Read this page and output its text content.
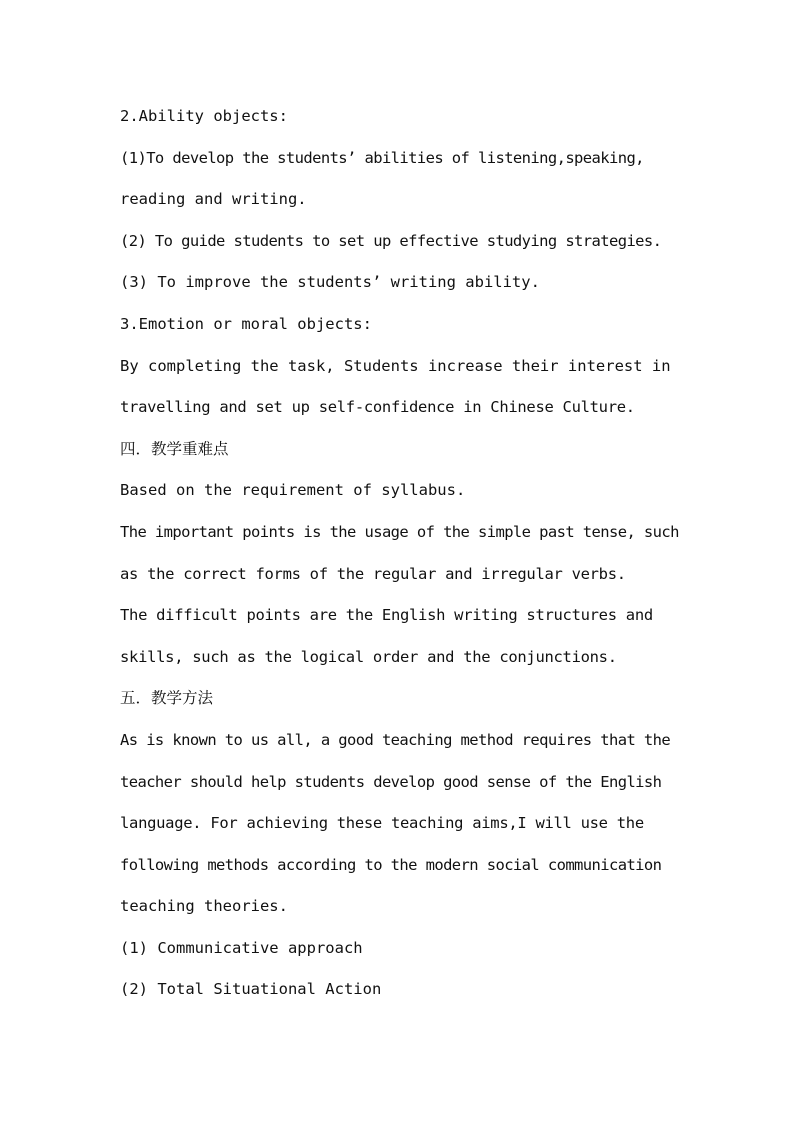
2.Ability objects:
(1)To develop the students’ abilities of listening,speaking,
reading and writing.
(2) To guide students to set up effective studying strategies.
(3) To improve the students’ writing ability.
3.Emotion or moral objects:
By completing the task, Students increase their interest in
travelling and set up self-confidence in Chinese Culture.
四．教学重难点
Based on the requirement of syllabus.
The important points is the usage of the simple past tense, such
as the correct forms of the regular and irregular verbs.
The difficult points are the English writing structures and
skills, such as the logical order and the conjunctions.
五．教学方法
As is known to us all, a good teaching method requires that the
teacher should help students develop good sense of the English
language. For achieving these teaching aims,I will use the
following methods according to the modern social communication
teaching theories.
(1) Communicative approach
(2) Total Situational Action
